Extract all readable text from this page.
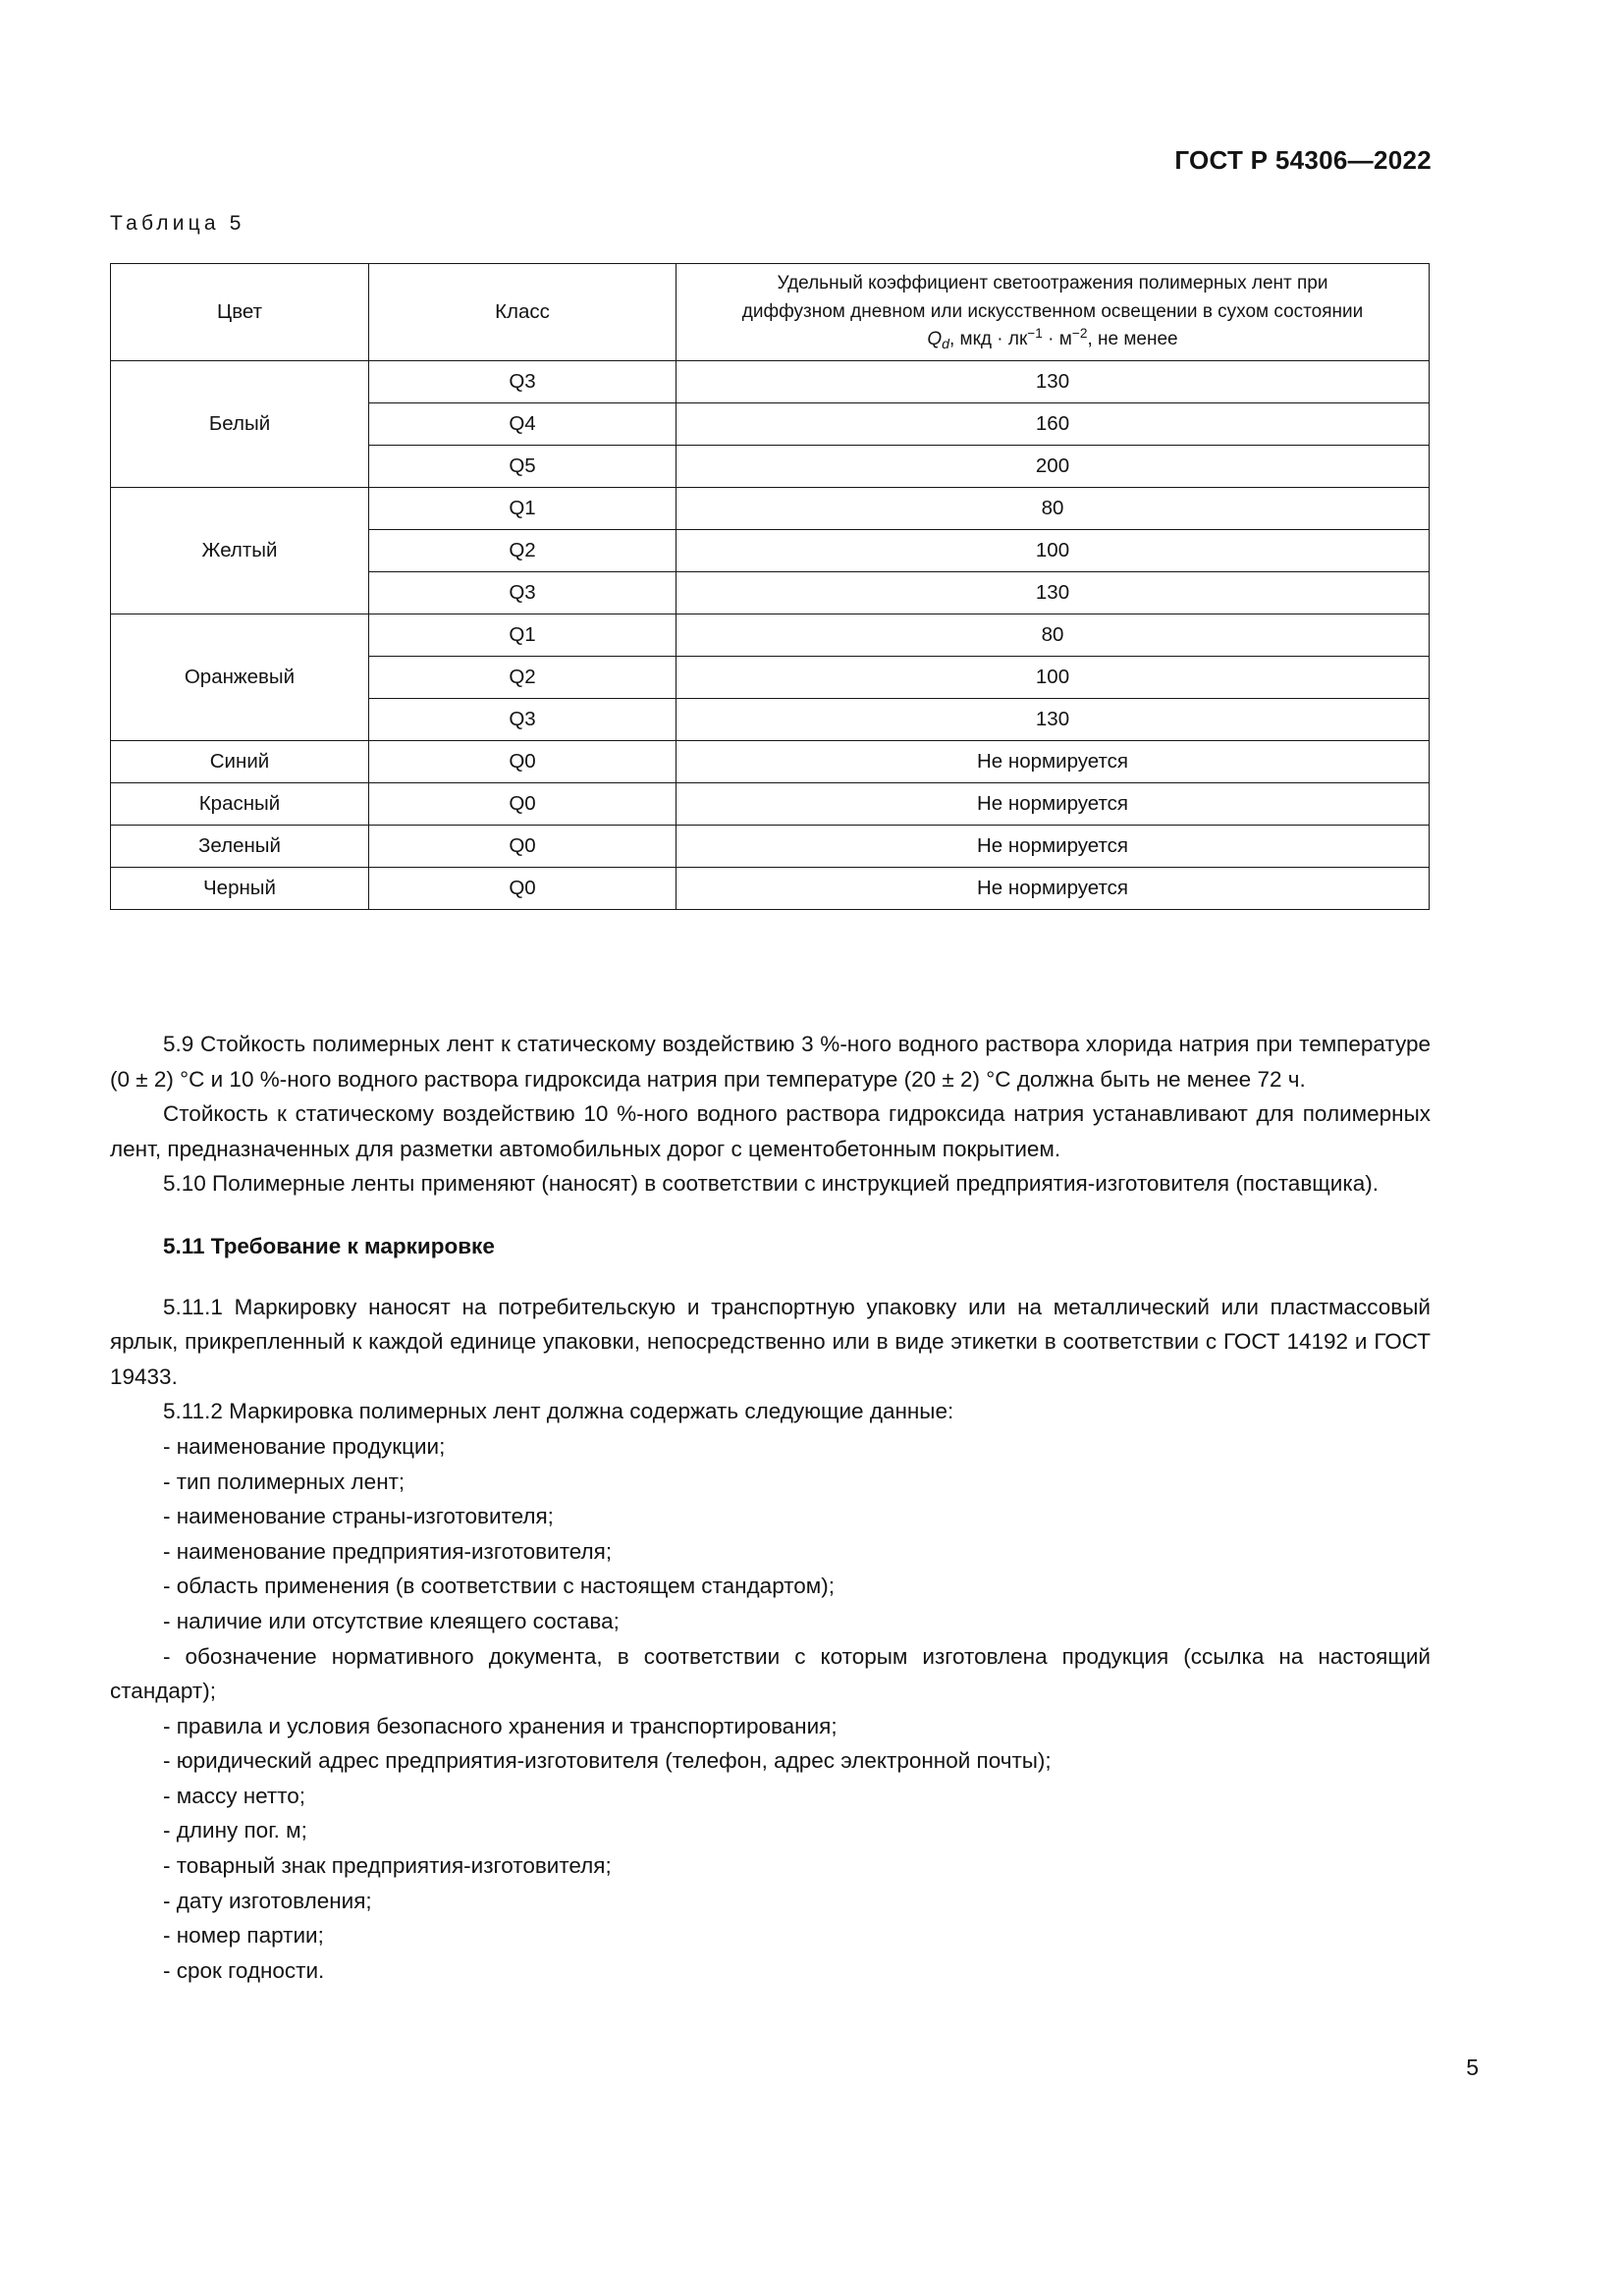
ГОСТ Р 54306—2022
Таблица 5
Цвет	Класс	Удельный коэффициент светоотражения полимерных лент при
диффузном дневном или искусственном освещении в сухом состоянии
$Q_d$, мкд · $лк^{-1} \cdot м^{-2}$, не менее
Белый	Q3	130
	Q4	160
	Q5	200
Желтый	Q1	80
	Q2	100
	Q3	130
Оранжевый	Q1	80
	Q2	100
	Q3	130
Синий	Q0	Не нормируется
Красный	Q0	Не нормируется
Зеленый	Q0	Не нормируется
Черный	Q0	Не нормируется

5.9 Стойкость полимерных лент к статическому воздействию 3 %-ного водного раствора хлорида натрия при температуре (0 ± 2) °С и 10 %-ного водного раствора гидроксида натрия при температуре (20 ± 2) °С должна быть не менее 72 ч.

Стойкость к статическому воздействию 10 %-ного водного раствора гидроксида натрия устанавливают для полимерных лент, предназначенных для разметки автомобильных дорог с цементобетонным покрытием.

5.10 Полимерные ленты применяют (наносят) в соответствии с инструкцией предприятия-изготовителя (поставщика).

5.11 Требование к маркировке

5.11.1 Маркировку наносят на потребительскую и транспортную упаковку или на металлический или пластмассовый ярлык, прикрепленный к каждой единице упаковки, непосредственно или в виде этикетки в соответствии с ГОСТ 14192 и ГОСТ 19433.

5.11.2 Маркировка полимерных лент должна содержать следующие данные:

- наименование продукции;
- тип полимерных лент;
- наименование страны-изготовителя;
- наименование предприятия-изготовителя;
- область применения (в соответствии с настоящем стандартом);
- наличие или отсутствие клеящего состава;
- обозначение нормативного документа, в соответствии с которым изготовлена продукция (ссылка на настоящий стандарт);
- правила и условия безопасного хранения и транспортирования;
- юридический адрес предприятия-изготовителя (телефон, адрес электронной почты);
- массу нетто;
- длину пог. м;
- товарный знак предприятия-изготовителя;
- дату изготовления;
- номер партии;
- срок годности.
5
